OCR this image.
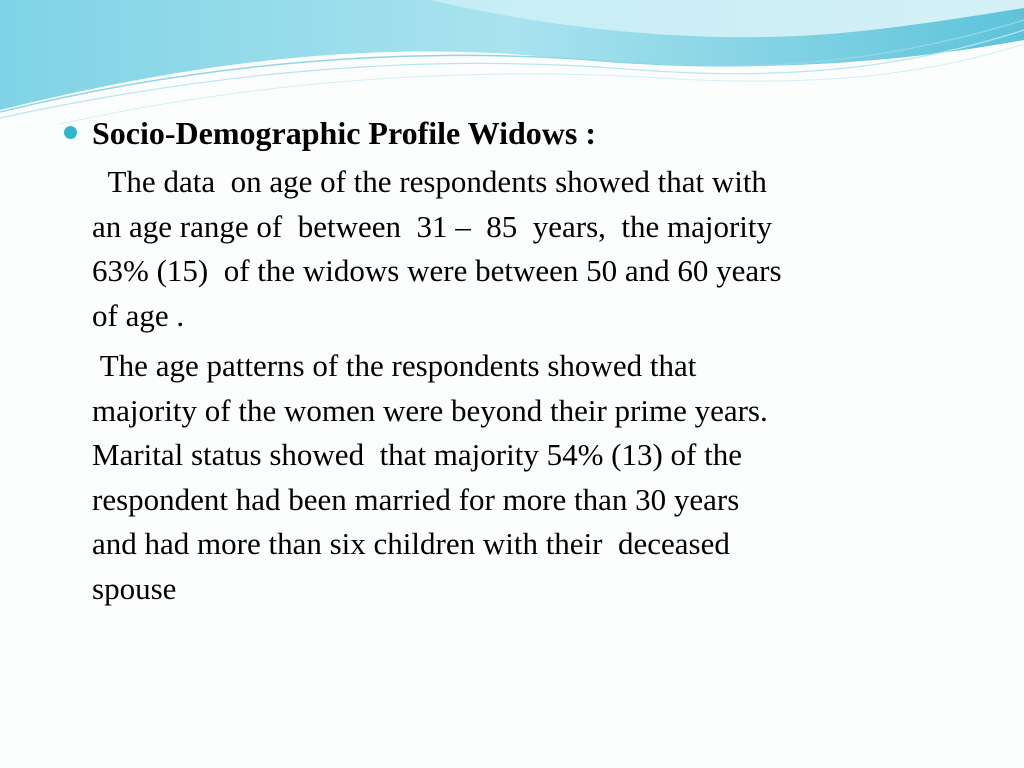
Socio-Demographic Profile Widows :

The data  on age of the respondents showed that with
an age range of  between  31 –  85  years,  the majority
63% (15)  of the widows were between 50 and 60 years
of age .

The age patterns of the respondents showed that
majority of the women were beyond their prime years.
Marital status showed  that majority 54% (13) of the
respondent had been married for more than 30 years
and had more than six children with their  deceased
spouse
